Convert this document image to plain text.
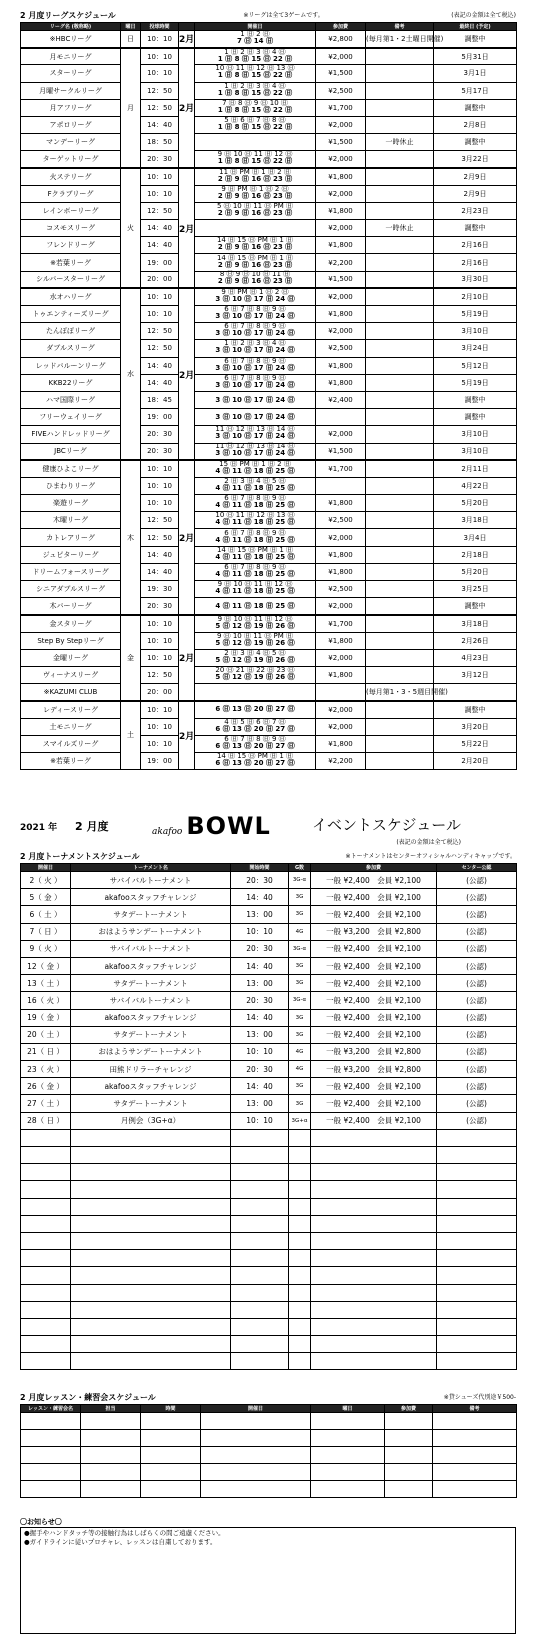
2 月度リーグスケジュール	※リーグは全て3ゲームです。	(表記の金額は全て税込)
リーグ名 (敬称略)	曜日	投球時間		開催日	参加費	備考	最終日 (予定)
※HBCリーグ	日	10：10	2月	1 ㊐ 2 ㊐
7 ㊐ 14 ㊐	¥2,800	(毎月第1・2土曜日開催)	調整中
月モニリーグ	月	10：10	2月	1 ㊐ 2 ㊐ 3 ㊐ 4 ㊐
1 ㊐ 8 ㊐ 15 ㊐ 22 ㊐	¥2,000		5月31日
スターリーグ		10：10		10 ㊐ 11 ㊐ 12 ㊐ 13 ㊐
1 ㊐ 8 ㊐ 15 ㊐ 22 ㊐	¥1,500		3月1日
月曜サークルリーグ		12：50		1 ㊐ 2 ㊐ 3 ㊐ 4 ㊐
1 ㊐ 8 ㊐ 15 ㊐ 22 ㊐	¥2,500		5月17日
月アフリーグ		12：50		7 ㊐ 8 ㊐ 9 ㊐ 10 ㊐
1 ㊐ 8 ㊐ 15 ㊐ 22 ㊐	¥1,700		調整中
アポロリーグ		14：40		5 ㊐ 6 ㊐ 7 ㊐ 8 ㊐
1 ㊐ 8 ㊐ 15 ㊐ 22 ㊐	¥2,000		2月8日
マンデーリーグ		18：50			¥1,500	一時休止	調整中
ターゲットリーグ		20：30		9 ㊐ 10 ㊐ 11 ㊐ 12 ㊐
1 ㊐ 8 ㊐ 15 ㊐ 22 ㊐	¥2,000		3月22日
火ステリーグ	火	10：10	2月	11 ㊐ PM ㊐ 1 ㊐ 2 ㊐
2 ㊐ 9 ㊐ 16 ㊐ 23 ㊐	¥1,800		2月9日
Fクラブリーグ		10：10		9 ㊐ PM ㊐ 1 ㊐ 2 ㊐
2 ㊐ 9 ㊐ 16 ㊐ 23 ㊐	¥2,000		2月9日
レインボーリーグ		12：50		5 ㊐ 10 ㊐ 11 ㊐ PM ㊐
2 ㊐ 9 ㊐ 16 ㊐ 23 ㊐	¥1,800		2月23日
コスモスリーグ		14：40			¥2,000	一時休止	調整中
フレンドリーグ		14：40		14 ㊐ 15 ㊐ PM ㊐ 1 ㊐
2 ㊐ 9 ㊐ 16 ㊐ 23 ㊐	¥1,800		2月16日
※若葉リーグ		19：00		14 ㊐ 15 ㊐ PM ㊐ 1 ㊐
2 ㊐ 9 ㊐ 16 ㊐ 23 ㊐	¥2,200		2月16日
シルバースターリーグ		20：00		8 ㊐ 9 ㊐ 10 ㊐ 11 ㊐
2 ㊐ 9 ㊐ 16 ㊐ 23 ㊐	¥1,500		3月30日
水オハリーグ	水	10：10	2月	9 ㊐ PM ㊐ 1 ㊐ 2 ㊐
3 ㊐ 10 ㊐ 17 ㊐ 24 ㊐	¥2,000		2月10日
トゥエンティーズリーグ		10：10		6 ㊐ 7 ㊐ 8 ㊐ 9 ㊐
3 ㊐ 10 ㊐ 17 ㊐ 24 ㊐	¥1,800		5月19日
たんぽぽリーグ		12：50		6 ㊐ 7 ㊐ 8 ㊐ 9 ㊐
3 ㊐ 10 ㊐ 17 ㊐ 24 ㊐	¥2,000		3月10日
ダブルスリーグ		12：50		1 ㊐ 2 ㊐ 3 ㊐ 4 ㊐
3 ㊐ 10 ㊐ 17 ㊐ 24 ㊐	¥2,500		3月24日
レッドバルーンリーグ		14：40		6 ㊐ 7 ㊐ 8 ㊐ 9 ㊐
3 ㊐ 10 ㊐ 17 ㊐ 24 ㊐	¥1,800		5月12日
KKB22リーグ		14：40		6 ㊐ 7 ㊐ 8 ㊐ 9 ㊐
3 ㊐ 10 ㊐ 17 ㊐ 24 ㊐	¥1,800		5月19日
ハマ国際リーグ		18：45		3 ㊐ 10 ㊐ 17 ㊐ 24 ㊐	¥2,400		調整中
フリーウェイリーグ		19：00		3 ㊐ 10 ㊐ 17 ㊐ 24 ㊐			調整中
FIVEハンドレッドリーグ		20：30		11 ㊐ 12 ㊐ 13 ㊐ 14 ㊐
3 ㊐ 10 ㊐ 17 ㊐ 24 ㊐	¥2,000		3月10日
JBCリーグ		20：30		11 ㊐ 12 ㊐ 13 ㊐ 14 ㊐
3 ㊐ 10 ㊐ 17 ㊐ 24 ㊐	¥1,500		3月10日
健康ひよこリーグ	木	10：10	2月	15 ㊐ PM ㊐ 1 ㊐ 2 ㊐
4 ㊐ 11 ㊐ 18 ㊐ 25 ㊐	¥1,700		2月11日
ひまわりリーグ		10：10		2 ㊐ 3 ㊐ 4 ㊐ 5 ㊐
4 ㊐ 11 ㊐ 18 ㊐ 25 ㊐			4月22日
楽遊リーグ		10：10		6 ㊐ 7 ㊐ 8 ㊐ 9 ㊐
4 ㊐ 11 ㊐ 18 ㊐ 25 ㊐	¥1,800		5月20日
木曜リーグ		12：50		10 ㊐ 11 ㊐ 12 ㊐ 13 ㊐
4 ㊐ 11 ㊐ 18 ㊐ 25 ㊐	¥2,500		3月18日
カトレアリーグ		12：50		6 ㊐ 7 ㊐ 8 ㊐ 9 ㊐
4 ㊐ 11 ㊐ 18 ㊐ 25 ㊐	¥2,000		3月4日
ジュピターリーグ		14：40		14 ㊐ 15 ㊐ PM ㊐ 1 ㊐
4 ㊐ 11 ㊐ 18 ㊐ 25 ㊐	¥1,800		2月18日
ドリームフォースリーグ		14：40		6 ㊐ 7 ㊐ 8 ㊐ 9 ㊐
4 ㊐ 11 ㊐ 18 ㊐ 25 ㊐	¥1,800		5月20日
シニアダブルスリーグ		19：30		9 ㊐ 10 ㊐ 11 ㊐ 12 ㊐
4 ㊐ 11 ㊐ 18 ㊐ 25 ㊐	¥2,500		3月25日
木バーリーグ		20：30		4 ㊐ 11 ㊐ 18 ㊐ 25 ㊐	¥2,000		調整中
金スタリーグ	金	10：10	2月	9 ㊐ 10 ㊐ 11 ㊐ 12 ㊐
5 ㊐ 12 ㊐ 19 ㊐ 26 ㊐	¥1,700		3月18日
Step By Stepリーグ		10：10		9 ㊐ 10 ㊐ 11 ㊐ PM ㊐
5 ㊐ 12 ㊐ 19 ㊐ 26 ㊐	¥1,800		2月26日
金曜リーグ		10：10		2 ㊐ 3 ㊐ 4 ㊐ 5 ㊐
5 ㊐ 12 ㊐ 19 ㊐ 26 ㊐	¥2,000		4月23日
ヴィーナスリーグ		12：50		20 ㊐ 21 ㊐ 22 ㊐ 23 ㊐
5 ㊐ 12 ㊐ 19 ㊐ 26 ㊐	¥1,800		3月12日
※KAZUMI CLUB		20：00				(毎月第1・3・5週目開催)	
レディースリーグ	土	10：10	2月	6 ㊐ 13 ㊐ 20 ㊐ 27 ㊐	¥2,000		調整中
土モニリーグ		10：10		4 ㊐ 5 ㊐ 6 ㊐ 7 ㊐
6 ㊐ 13 ㊐ 20 ㊐ 27 ㊐	¥2,000		3月20日
スマイルズリーグ		10：10		6 ㊐ 7 ㊐ 8 ㊐ 9 ㊐
6 ㊐ 13 ㊐ 20 ㊐ 27 ㊐	¥1,800		5月22日
※若葉リーグ		19：00		14 ㊐ 15 ㊐ PM ㊐ 1 ㊐
6 ㊐ 13 ㊐ 20 ㊐ 27 ㊐	¥2,200		2月20日
2021 年 2 月度	akafoo BOWL	イベントスケジュール
(表記の金額は全て税込)
2 月度トーナメントスケジュール	※トーナメントはセンターオフィシャルハンディキャップです。
開催日	トーナメント名	開始時間	G数	参加費	センター公認
2（ 火 ）	サバイバルトーナメント	20：30	3G-α	一般 ¥2,400　会員 ¥2,100	(公認)
5（ 金 ）	akafooスタッフチャレンジ	14：40	3G	一般 ¥2,400　会員 ¥2,100	(公認)
6（ 土 ）	サタデートーナメント	13：00	3G	一般 ¥2,400　会員 ¥2,100	(公認)
7（ 日 ）	おはようサンデートーナメント	10：10	4G	一般 ¥3,200　会員 ¥2,800	(公認)
9（ 火 ）	サバイバルトーナメント	20：30	3G-α	一般 ¥2,400　会員 ¥2,100	(公認)
12（ 金 ）	akafooスタッフチャレンジ	14：40	3G	一般 ¥2,400　会員 ¥2,100	(公認)
13（ 土 ）	サタデートーナメント	13：00	3G	一般 ¥2,400　会員 ¥2,100	(公認)
16（ 火 ）	サバイバルトーナメント	20：30	3G-α	一般 ¥2,400　会員 ¥2,100	(公認)
19（ 金 ）	akafooスタッフチャレンジ	14：40	3G	一般 ¥2,400　会員 ¥2,100	(公認)
20（ 土 ）	サタデートーナメント	13：00	3G	一般 ¥2,400　会員 ¥2,100	(公認)
21（ 日 ）	おはようサンデートーナメント	10：10	4G	一般 ¥3,200　会員 ¥2,800	(公認)
23（ 火 ）	田熊ドリラーチャレンジ	20：30	4G	一般 ¥3,200　会員 ¥2,800	(公認)
26（ 金 ）	akafooスタッフチャレンジ	14：40	3G	一般 ¥2,400　会員 ¥2,100	(公認)
27（ 土 ）	サタデートーナメント	13：00	3G	一般 ¥2,400　会員 ¥2,100	(公認)
28（ 日 ）	月例会（3G+α）	10：10	3G+α	一般 ¥2,400　会員 ¥2,100	(公認)

2 月度レッスン・練習会スケジュール	※貸シューズ代別途￥500-
レッスン・練習会名	担当	時間	開催日	曜日	参加費	備考

〇お知らせ〇
●握手やハンドタッチ等の接触行為はしばらくの間ご遠慮ください。
●ガイドラインに従いプロチャレ、レッスンは自粛しております。
